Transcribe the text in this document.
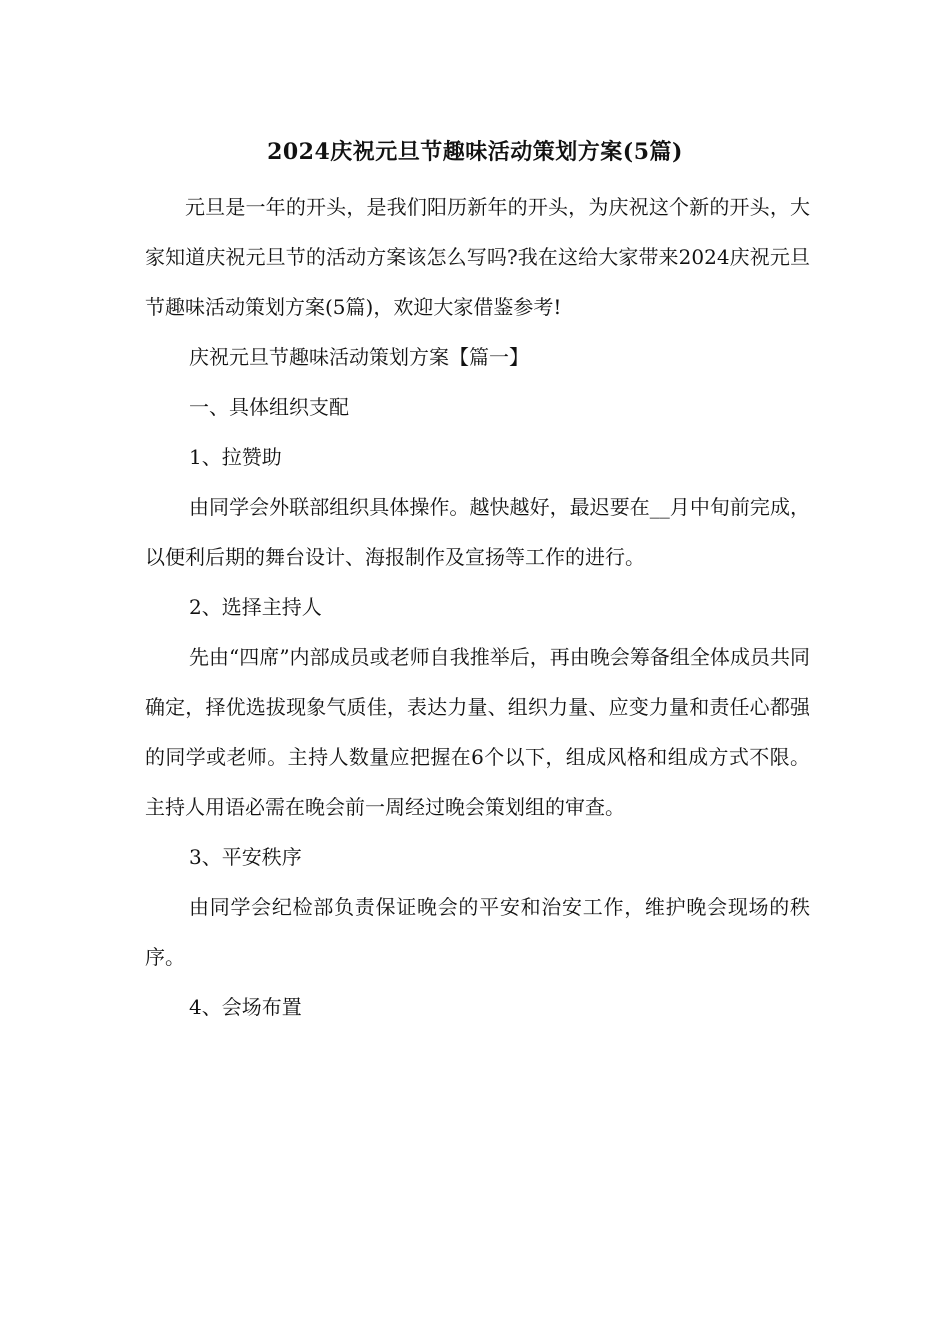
2024庆祝元旦节趣味活动策划方案(5篇)

元旦是一年的开头，是我们阳历新年的开头，为庆祝这个新的开头，大家知道庆祝元旦节的活动方案该怎么写吗?我在这给大家带来2024庆祝元旦节趣味活动策划方案(5篇)，欢迎大家借鉴参考!

庆祝元旦节趣味活动策划方案【篇一】

一、具体组织支配

1、拉赞助

由同学会外联部组织具体操作。越快越好，最迟要在__月中旬前完成，以便利后期的舞台设计、海报制作及宣扬等工作的进行。

2、选择主持人

先由“四席”内部成员或老师自我推举后，再由晚会筹备组全体成员共同确定，择优选拔现象气质佳，表达力量、组织力量、应变力量和责任心都强的同学或老师。主持人数量应把握在6个以下，组成风格和组成方式不限。主持人用语必需在晚会前一周经过晚会策划组的审查。

3、平安秩序

由同学会纪检部负责保证晚会的平安和治安工作，维护晚会现场的秩序。

4、会场布置
